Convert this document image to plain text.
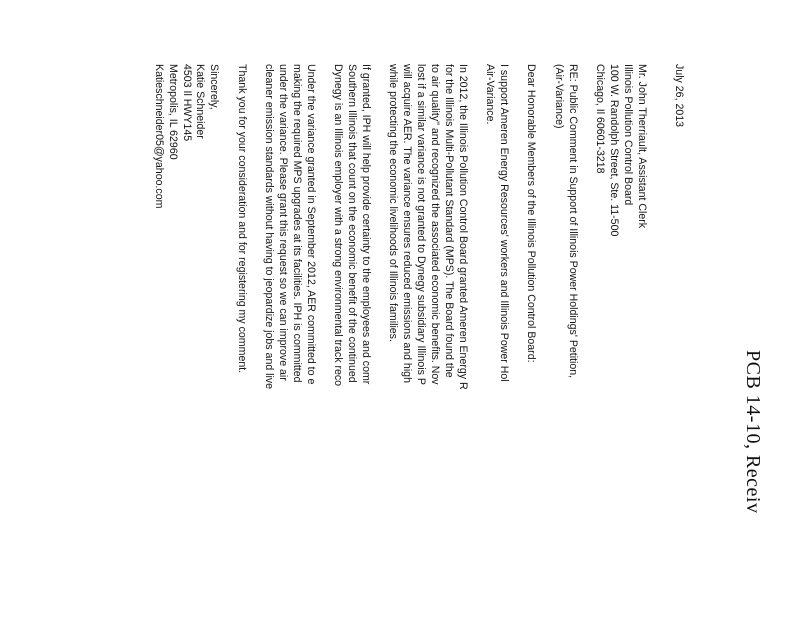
PCB 14-10, Receiv
July 26, 2013
Mr. John Therriault, Assistant Clerk
Illinois Pollution Control Board
100 W. Randolph Street, Ste. 11-500
Chicago, Il 60601-3218
RE: Public Comment in Support of Illinois Power Holdings' Petition,
(Air-Variance)
Dear Honorable Members of the Illinois Pollution Control Board:
I support Ameren Energy Resources' workers and Illinois Power Hol
Air-Variance.
In 2012, the Illinois Pollution Control Board granted Ameren Energy R
for the Illinois Multi-Pollutant Standard (MPS). The Board found the
to air quality" and recognized the associated economic benefits. Nov
lost if a similar variance is not granted to Dynegy subsidiary Illinois P
will acquire AER. The variance ensures reduced emissions and high
while protecting the economic livelihoods of Illinois families.
If granted, IPH will help provide certainty to the employees and comr
Southern Illinois that count on the economic benefit of the continued
Dynegy is an Illinois employer with a strong environmental track reco
Under the variance granted in September 2012, AER committed to e
making the required MPS upgrades at its facilities. IPH is committed
under the variance. Please grant this request so we can improve air
cleaner emission standards without having to jeopardize jobs and live
Thank you for your consideration and for registering my comment.
Sincerely,
Katie Schneider
4503 Il HWY145
Metropolis, IL 62960
Katieschneider05@yahoo.com
